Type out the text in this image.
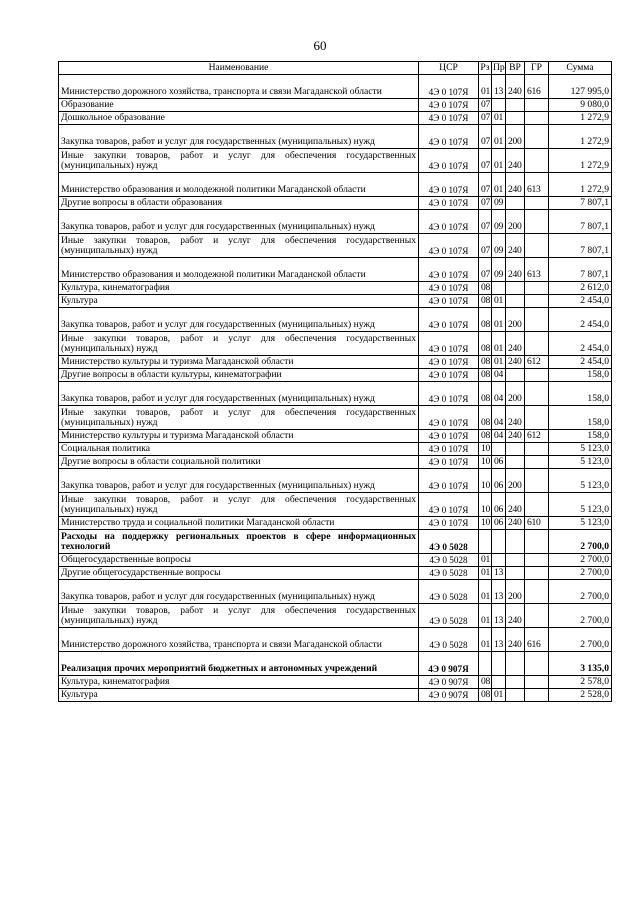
60
Наименование	ЦСР	Рз	Пр	ВР	ГР	Сумма
Министерство дорожного хозяйства, транспорта и связи Магаданской области	4Э 0 107Я	01	13	240	616	127 995,0
Образование	4Э 0 107Я	07				9 080,0
Дошкольное образование	4Э 0 107Я	07	01			1 272,9
Закупка товаров, работ и услуг для государственных (муниципальных) нужд	4Э 0 107Я	07	01	200		1 272,9
Иные закупки товаров, работ и услуг для обеспечения государственных (муниципальных) нужд	4Э 0 107Я	07	01	240		1 272,9
Министерство образования и молодежной политики Магаданской области	4Э 0 107Я	07	01	240	613	1 272,9
Другие вопросы в области образования	4Э 0 107Я	07	09			7 807,1
Закупка товаров, работ и услуг для государственных (муниципальных) нужд	4Э 0 107Я	07	09	200		7 807,1
Иные закупки товаров, работ и услуг для обеспечения государственных (муниципальных) нужд	4Э 0 107Я	07	09	240		7 807,1
Министерство образования и молодежной политики Магаданской области	4Э 0 107Я	07	09	240	613	7 807,1
Культура, кинематография	4Э 0 107Я	08				2 612,0
Культура	4Э 0 107Я	08	01			2 454,0
Закупка товаров, работ и услуг для государственных (муниципальных) нужд	4Э 0 107Я	08	01	200		2 454,0
Иные закупки товаров, работ и услуг для обеспечения государственных (муниципальных) нужд	4Э 0 107Я	08	01	240		2 454,0
Министерство культуры и туризма Магаданской области	4Э 0 107Я	08	01	240	612	2 454,0
Другие вопросы в области культуры, кинематографии	4Э 0 107Я	08	04			158,0
Закупка товаров, работ и услуг для государственных (муниципальных) нужд	4Э 0 107Я	08	04	200		158,0
Иные закупки товаров, работ и услуг для обеспечения государственных (муниципальных) нужд	4Э 0 107Я	08	04	240		158,0
Министерство культуры и туризма Магаданской области	4Э 0 107Я	08	04	240	612	158,0
Социальная политика	4Э 0 107Я	10				5 123,0
Другие вопросы в области социальной политики	4Э 0 107Я	10	06			5 123,0
Закупка товаров, работ и услуг для государственных (муниципальных) нужд	4Э 0 107Я	10	06	200		5 123,0
Иные закупки товаров, работ и услуг для обеспечения государственных (муниципальных) нужд	4Э 0 107Я	10	06	240		5 123,0
Министерство труда и социальной политики Магаданской области	4Э 0 107Я	10	06	240	610	5 123,0
Расходы на поддержку региональных проектов в сфере информационных технологий	4Э 0 5028					2 700,0
Общегосударственные вопросы	4Э 0 5028	01				2 700,0
Другие общегосударственные вопросы	4Э 0 5028	01	13			2 700,0
Закупка товаров, работ и услуг для государственных (муниципальных) нужд	4Э 0 5028	01	13	200		2 700,0
Иные закупки товаров, работ и услуг для обеспечения государственных (муниципальных) нужд	4Э 0 5028	01	13	240		2 700,0
Министерство дорожного хозяйства, транспорта и связи Магаданской области	4Э 0 5028	01	13	240	616	2 700,0
Реализация прочих мероприятий бюджетных и автономных учреждений	4Э 0 907Я					3 135,0
Культура, кинематография	4Э 0 907Я	08				2 578,0
Культура	4Э 0 907Я	08	01			2 528,0
